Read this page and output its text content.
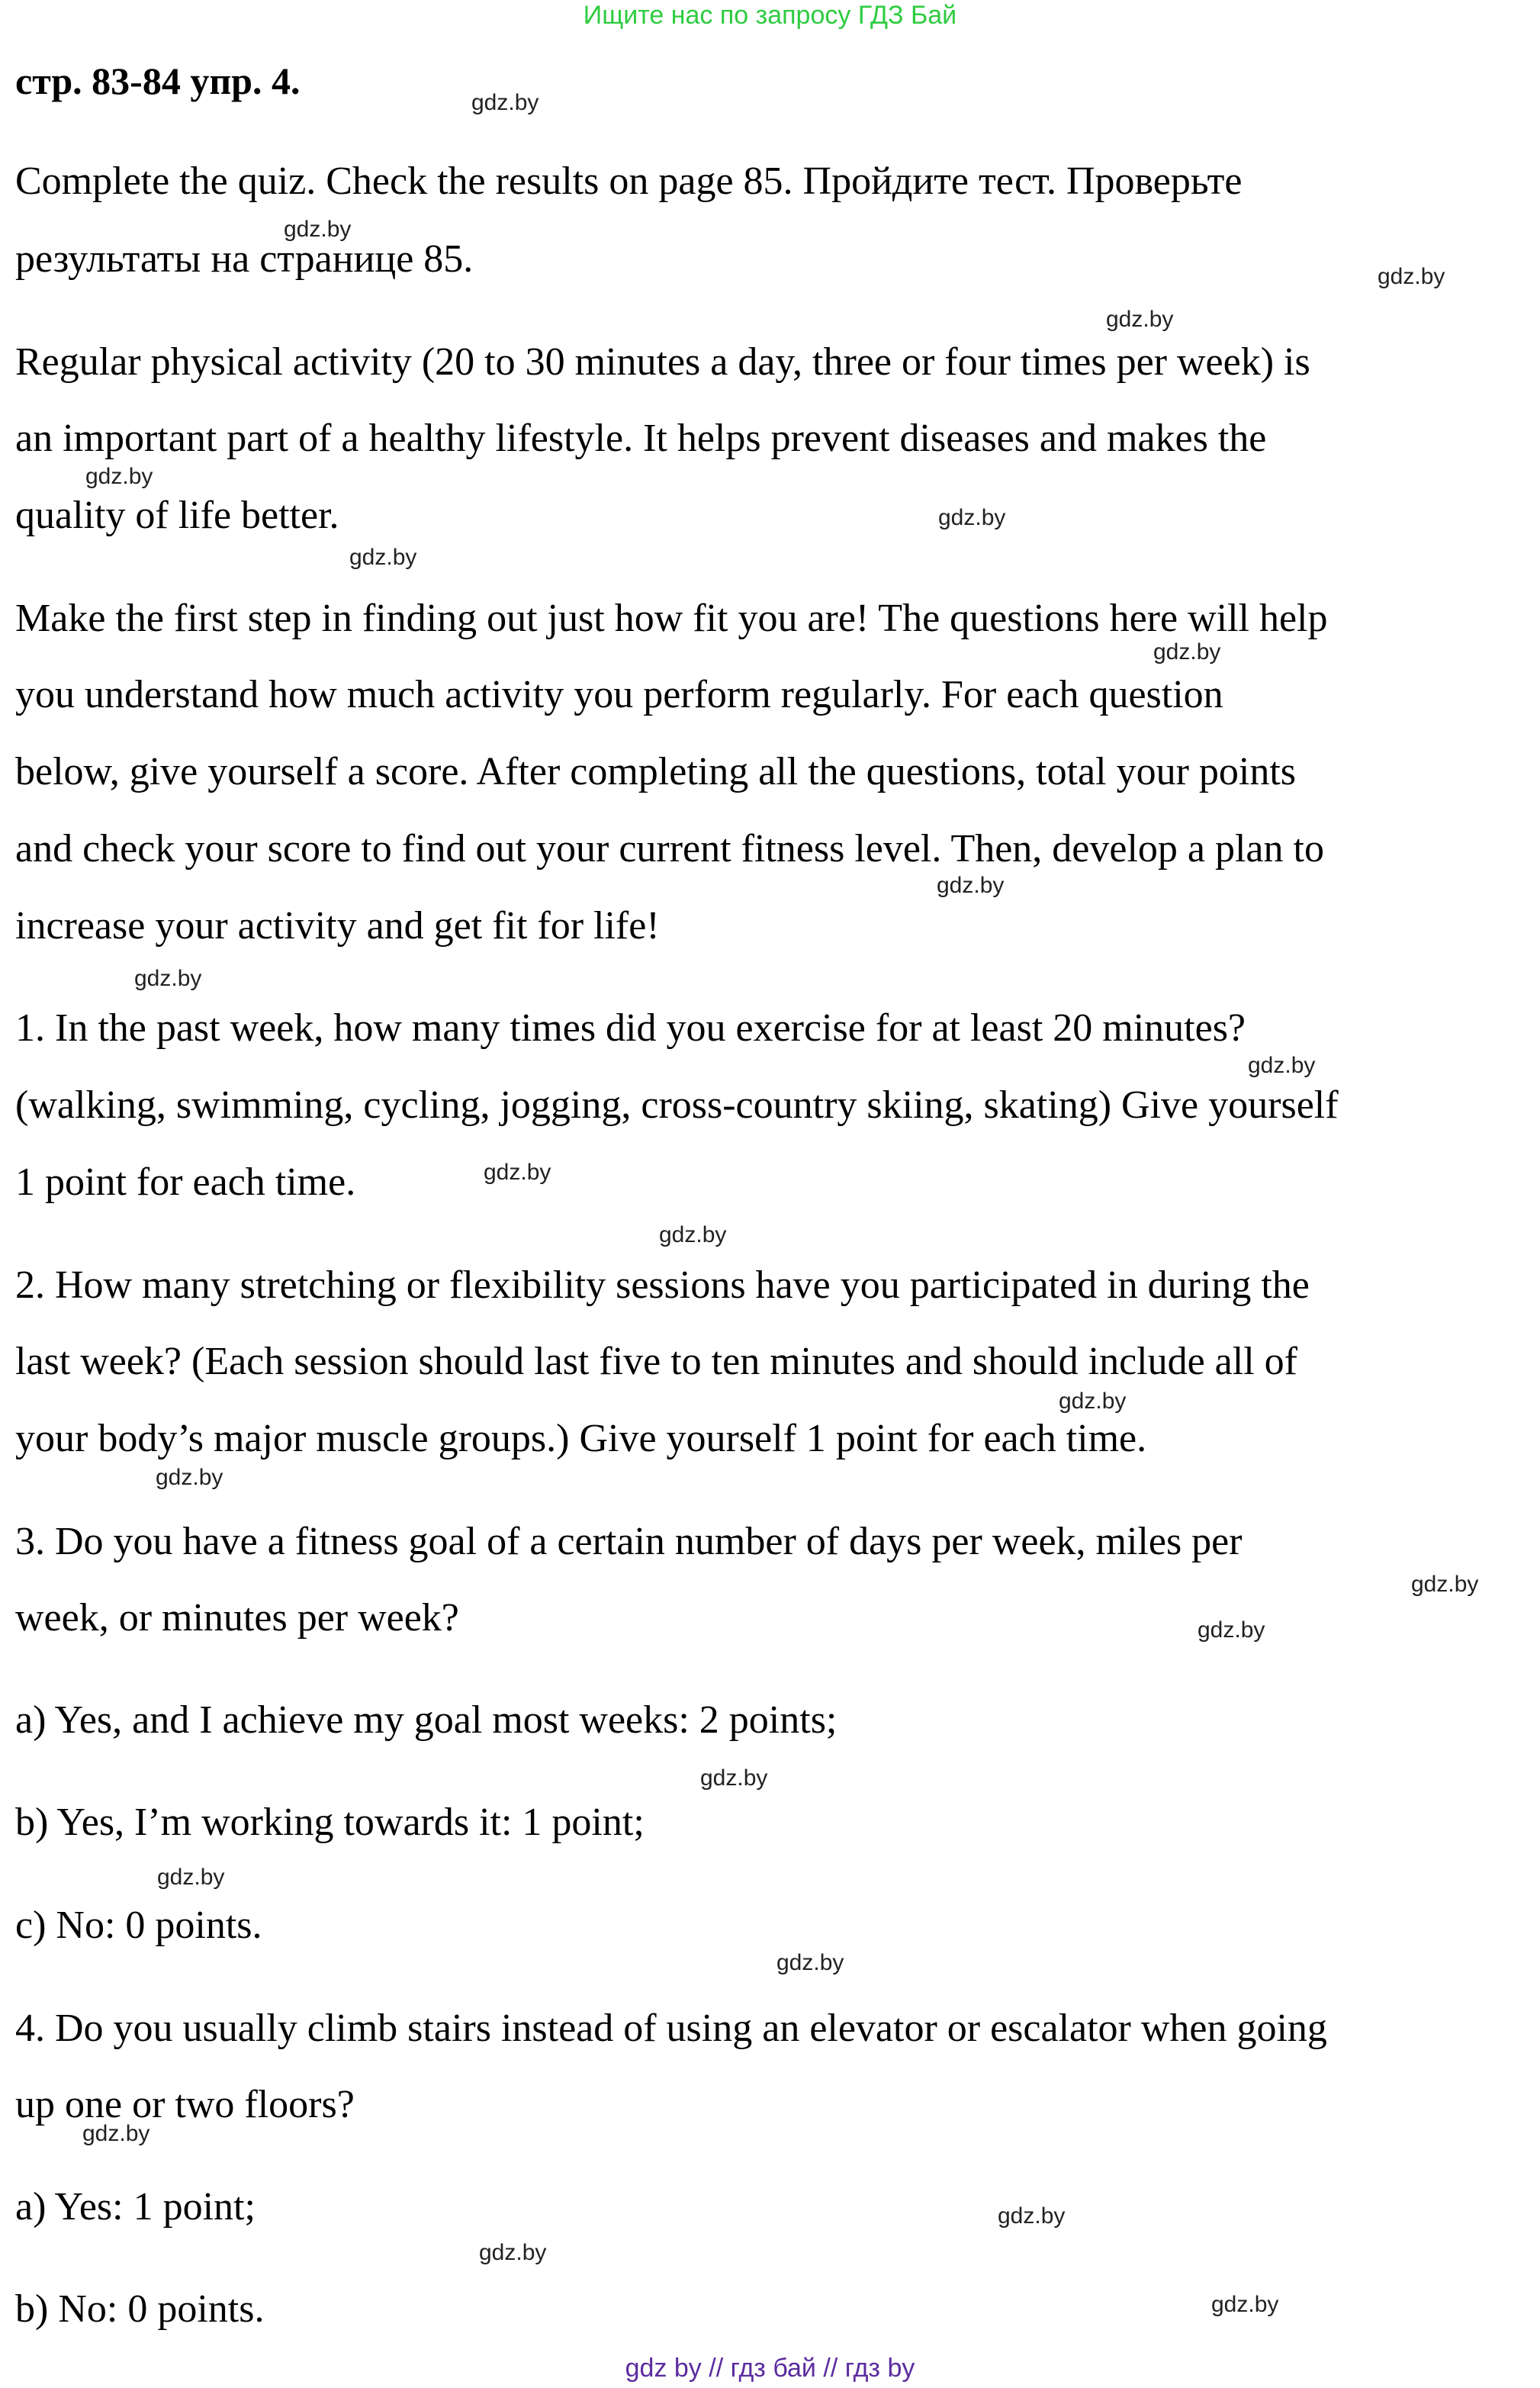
Ищите нас по запросу ГДЗ Бай
стр. 83-84 упр. 4.
Complete the quiz. Check the results on page 85. Пройдите тест. Проверьте
результаты на странице 85.
Regular physical activity (20 to 30 minutes a day, three or four times per week) is
an important part of a healthy lifestyle. It helps prevent diseases and makes the
quality of life better.
Make the first step in finding out just how fit you are! The questions here will help
you understand how much activity you perform regularly. For each question
below, give yourself a score. After completing all the questions, total your points
and check your score to find out your current fitness level. Then, develop a plan to
increase your activity and get fit for life!
1. In the past week, how many times did you exercise for at least 20 minutes?
(walking, swimming, cycling, jogging, cross-country skiing, skating) Give yourself
1 point for each time.
2. How many stretching or flexibility sessions have you participated in during the
last week? (Each session should last five to ten minutes and should include all of
your body’s major muscle groups.) Give yourself 1 point for each time.
3. Do you have a fitness goal of a certain number of days per week, miles per
week, or minutes per week?
a) Yes, and I achieve my goal most weeks: 2 points;
b) Yes, I’m working towards it: 1 point;
c) No: 0 points.
4. Do you usually climb stairs instead of using an elevator or escalator when going
up one or two floors?
a) Yes: 1 point;
b) No: 0 points.
gdz.by
gdz.by
gdz.by
gdz.by
gdz.by
gdz.by
gdz.by
gdz.by
gdz.by
gdz.by
gdz.by
gdz.by
gdz.by
gdz.by
gdz.by
gdz.by
gdz.by
gdz.by
gdz.by
gdz.by
gdz.by
gdz.by
gdz.by
gdz.by
gdz by // гдз бай // гдз by
